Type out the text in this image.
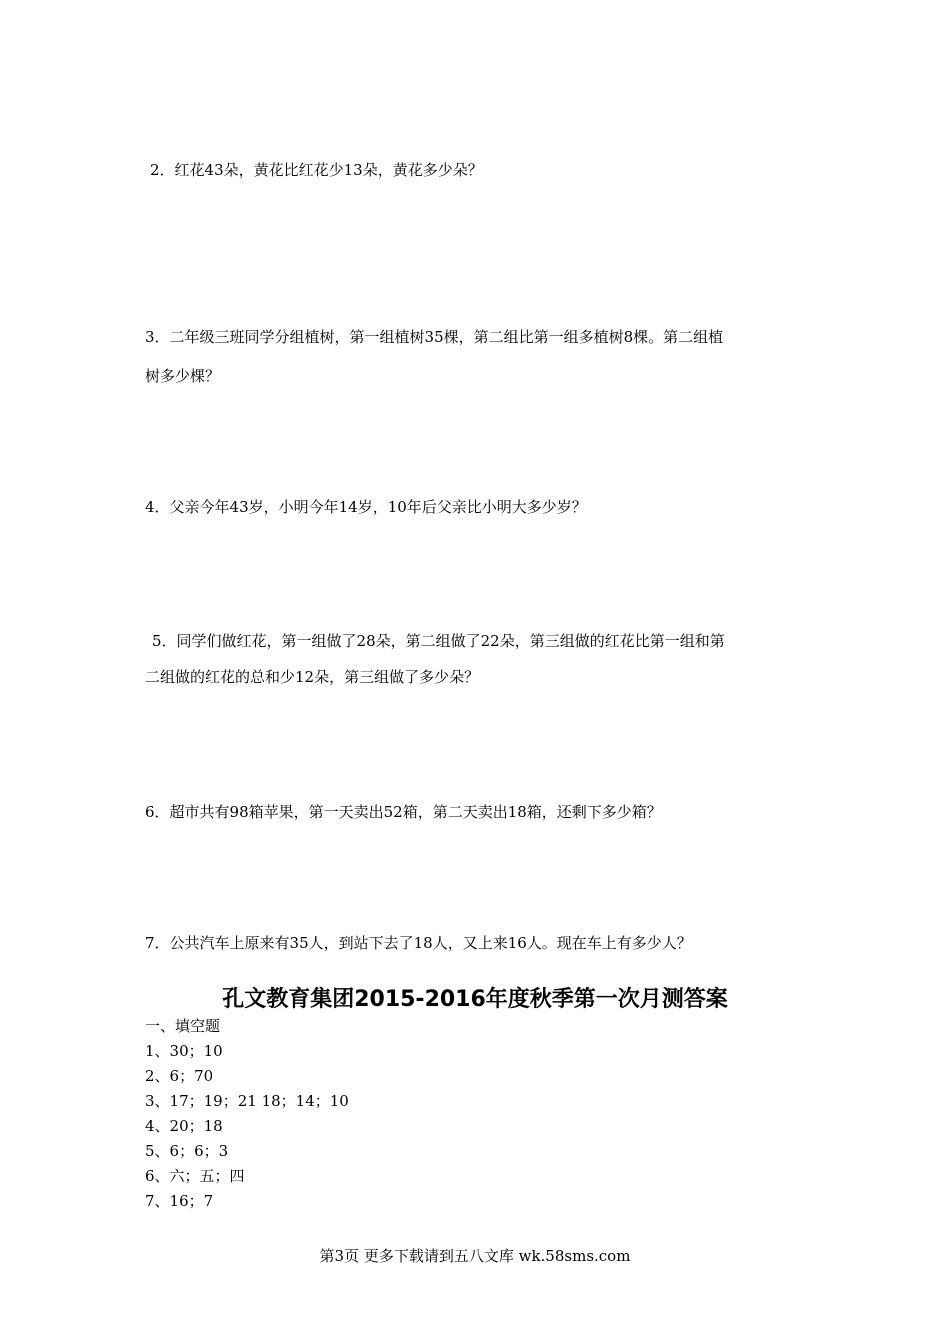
2．红花43朵，黄花比红花少13朵，黄花多少朵？
3．二年级三班同学分组植树，第一组植树35棵，第二组比第一组多植树8棵。第二组植
树多少棵？
4．父亲今年43岁，小明今年14岁，10年后父亲比小明大多少岁？
5．同学们做红花，第一组做了28朵，第二组做了22朵，第三组做的红花比第一组和第
二组做的红花的总和少12朵，第三组做了多少朵？
6．超市共有98箱苹果，第一天卖出52箱，第二天卖出18箱，还剩下多少箱？
7．公共汽车上原来有35人，到站下去了18人，又上来16人。现在车上有多少人？
孔文教育集团2015-2016年度秋季第一次月测答案
一、填空题
1、30；10
2、6；70
3、17；19；21 18；14；10
4、20；18
5、6；6；3
6、六；五；四
7、16；7
第3页 更多下载请到五八文库 wk.58sms.com
